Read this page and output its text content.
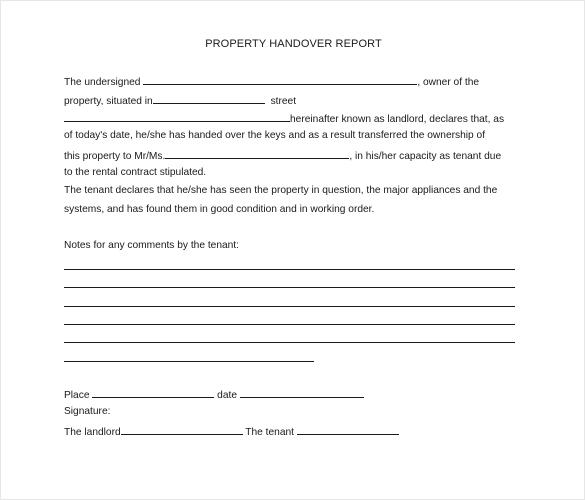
PROPERTY HANDOVER REPORT
The undersigned	, owner of the
property, situated in	street
hereinafter known as landlord, declares that, as
of today's date, he/she has handed over the keys and as a result transferred the ownership of
this property to Mr/Ms.	, in his/her capacity as tenant due
to the rental contract stipulated.
The tenant declares that he/she has seen the property in question, the major appliances and the
systems, and has found them in good condition and in working order.
Notes for any comments by the tenant:
Place	date
Signature:
The landlord	The tenant
